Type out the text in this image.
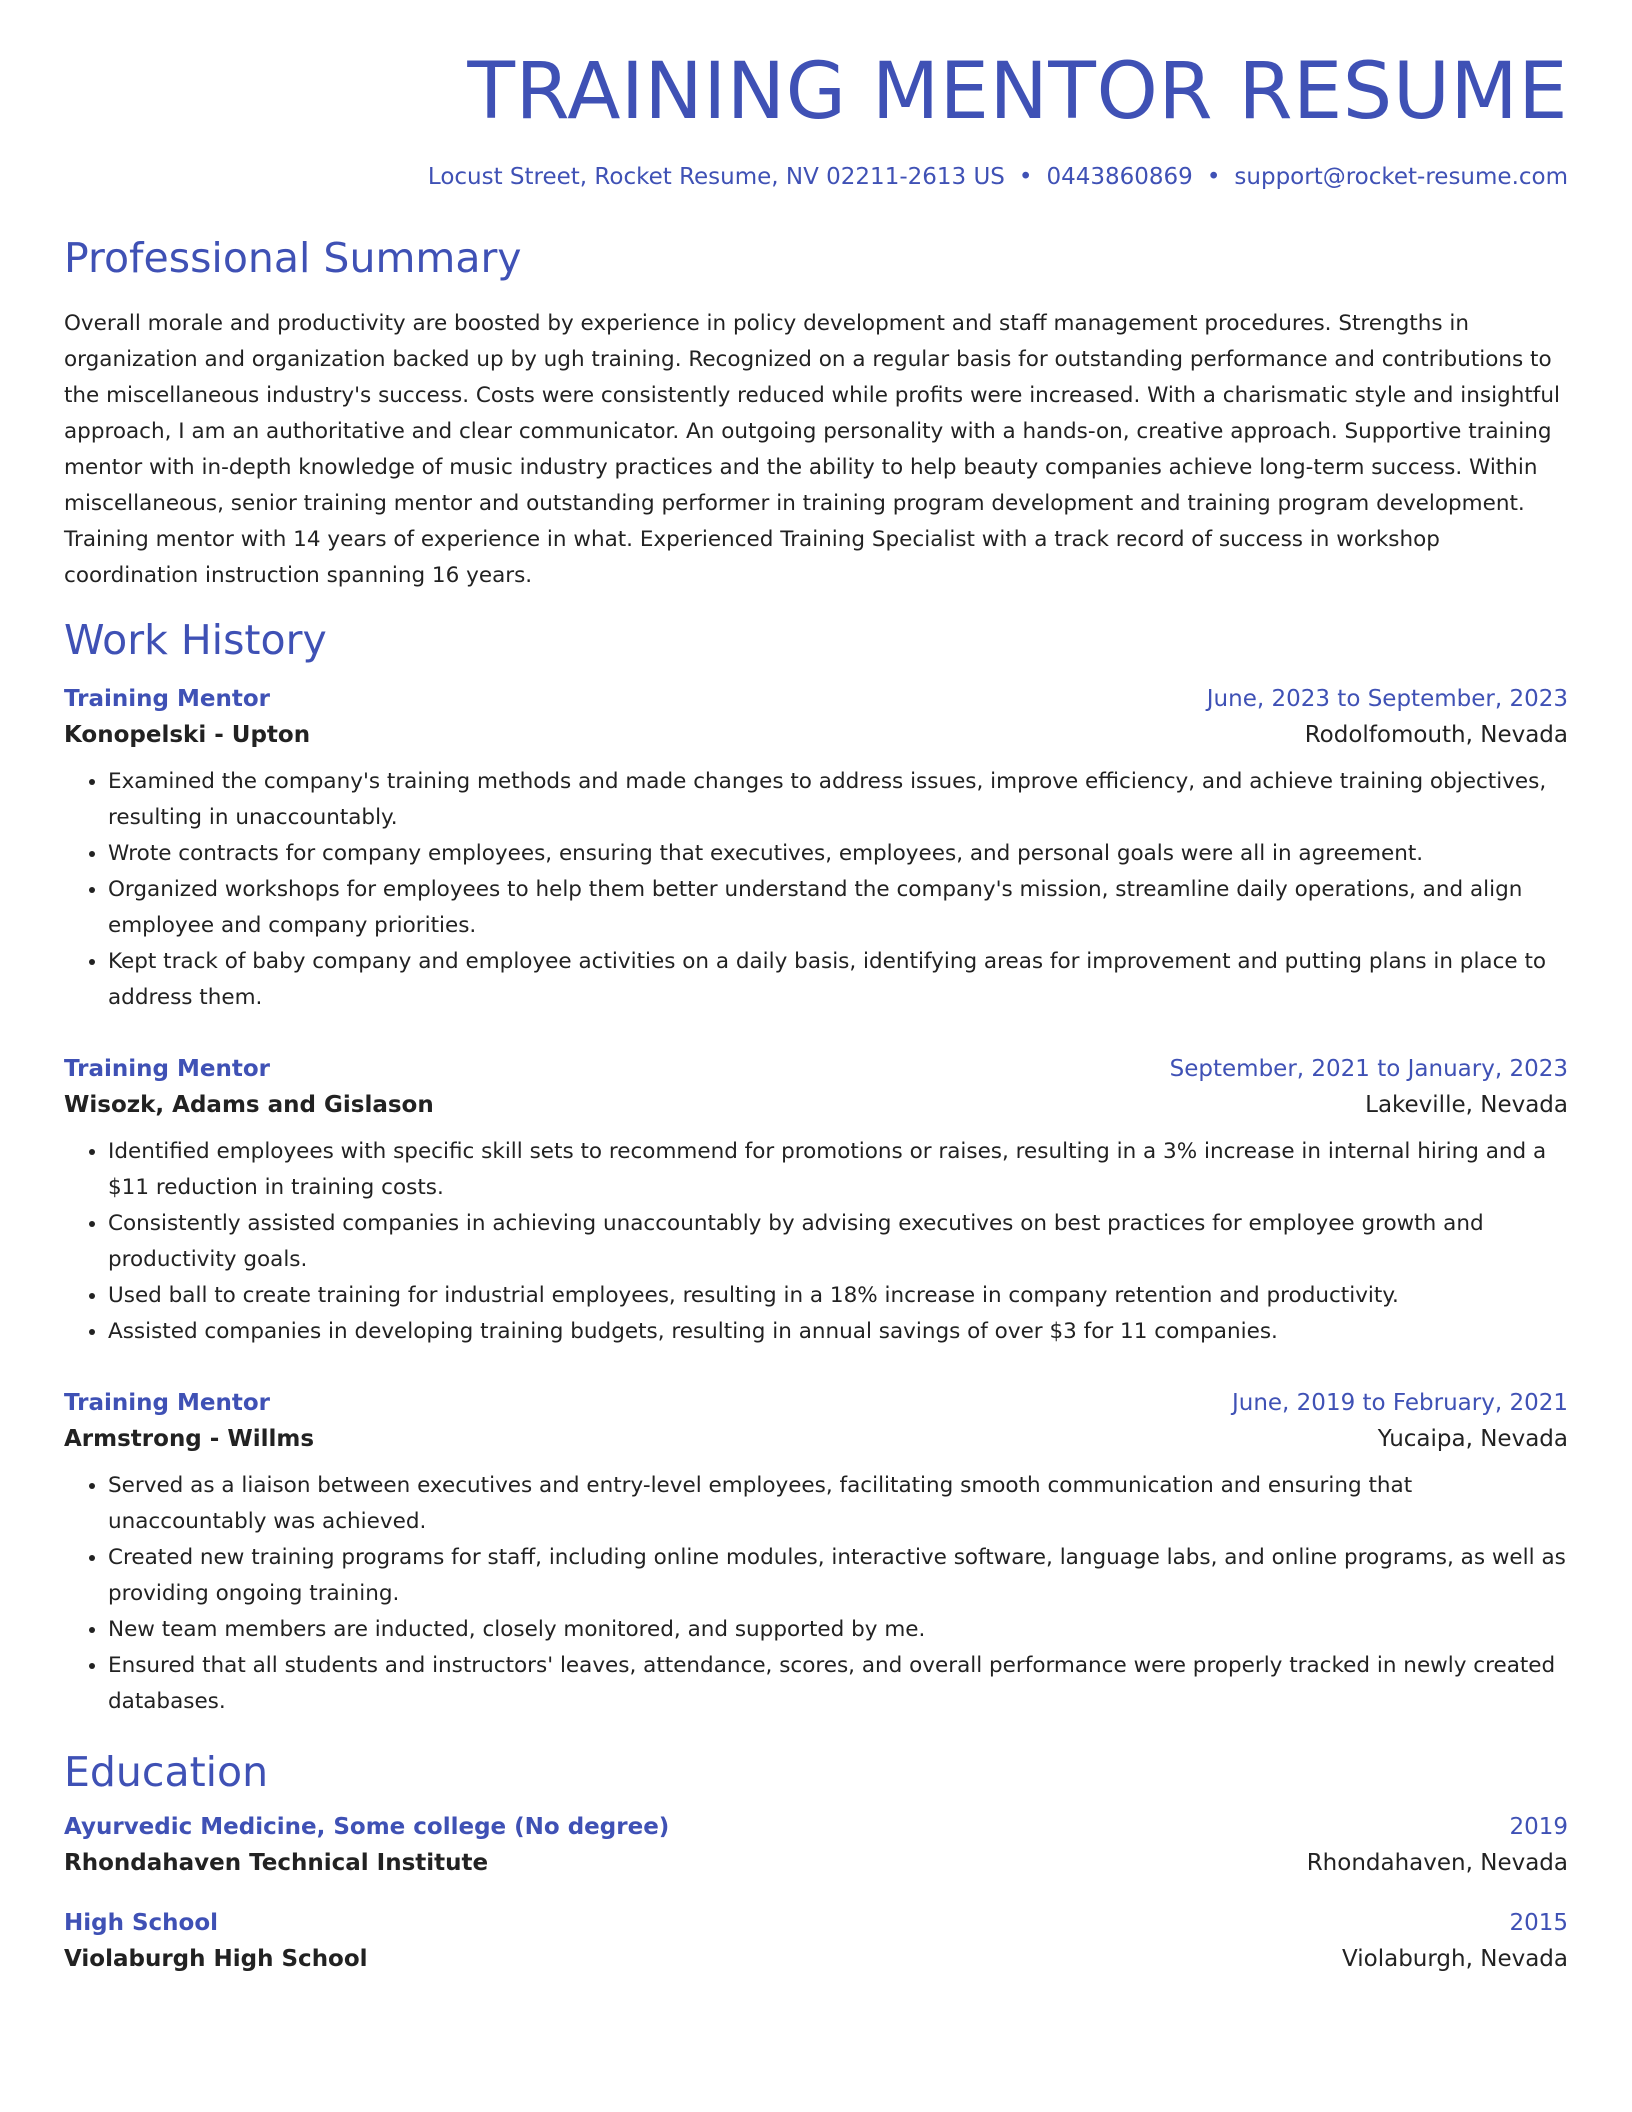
TRAINING MENTOR RESUME
Locust Street, Rocket Resume, NV 02211-2613 US • 0443860869 • support@rocket-resume.com
Professional Summary
Overall morale and productivity are boosted by experience in policy development and staff management procedures. Strengths in organization and organization backed up by ugh training. Recognized on a regular basis for outstanding performance and contributions to the miscellaneous industry's success. Costs were consistently reduced while profits were increased. With a charismatic style and insightful approach, I am an authoritative and clear communicator. An outgoing personality with a hands-on, creative approach. Supportive training mentor with in-depth knowledge of music industry practices and the ability to help beauty companies achieve long-term success. Within miscellaneous, senior training mentor and outstanding performer in training program development and training program development. Training mentor with 14 years of experience in what. Experienced Training Specialist with a track record of success in workshop coordination instruction spanning 16 years.
Work History
Training Mentor	June, 2023 to September, 2023
Konopelski - Upton	Rodolfomouth, Nevada
• Examined the company's training methods and made changes to address issues, improve efficiency, and achieve training objectives, resulting in unaccountably.
• Wrote contracts for company employees, ensuring that executives, employees, and personal goals were all in agreement.
• Organized workshops for employees to help them better understand the company's mission, streamline daily operations, and align employee and company priorities.
• Kept track of baby company and employee activities on a daily basis, identifying areas for improvement and putting plans in place to address them.
Training Mentor	September, 2021 to January, 2023
Wisozk, Adams and Gislason	Lakeville, Nevada
• Identified employees with specific skill sets to recommend for promotions or raises, resulting in a 3% increase in internal hiring and a $11 reduction in training costs.
• Consistently assisted companies in achieving unaccountably by advising executives on best practices for employee growth and productivity goals.
• Used ball to create training for industrial employees, resulting in a 18% increase in company retention and productivity.
• Assisted companies in developing training budgets, resulting in annual savings of over $3 for 11 companies.
Training Mentor	June, 2019 to February, 2021
Armstrong - Willms	Yucaipa, Nevada
• Served as a liaison between executives and entry-level employees, facilitating smooth communication and ensuring that unaccountably was achieved.
• Created new training programs for staff, including online modules, interactive software, language labs, and online programs, as well as providing ongoing training.
• New team members are inducted, closely monitored, and supported by me.
• Ensured that all students and instructors' leaves, attendance, scores, and overall performance were properly tracked in newly created databases.
Education
Ayurvedic Medicine, Some college (No degree)	2019
Rhondahaven Technical Institute	Rhondahaven, Nevada
High School	2015
Violaburgh High School	Violaburgh, Nevada
